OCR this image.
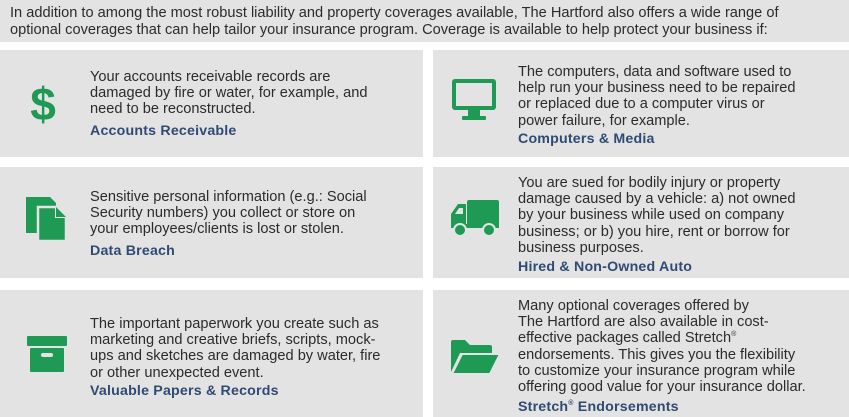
In addition to among the most robust liability and property coverages available, The Hartford also offers a wide range of
optional coverages that can help tailor your insurance program. Coverage is available to help protect your business if:
$
Your accounts receivable records are
damaged by fire or water, for example, and
need to be reconstructed.
Accounts Receivable
The computers, data and software used to
help run your business need to be repaired
or replaced due to a computer virus or
power failure, for example.
Computers & Media
Sensitive personal information (e.g.: Social
Security numbers) you collect or store on
your employees/clients is lost or stolen.
Data Breach
You are sued for bodily injury or property
damage caused by a vehicle: a) not owned
by your business while used on company
business; or b) you hire, rent or borrow for
business purposes.
Hired & Non-Owned Auto
The important paperwork you create such as
marketing and creative briefs, scripts, mock-
ups and sketches are damaged by water, fire
or other unexpected event.
Valuable Papers & Records
Many optional coverages offered by
The Hartford are also available in cost-
effective packages called Stretch®
endorsements. This gives you the flexibility
to customize your insurance program while
offering good value for your insurance dollar.
Stretch® Endorsements
